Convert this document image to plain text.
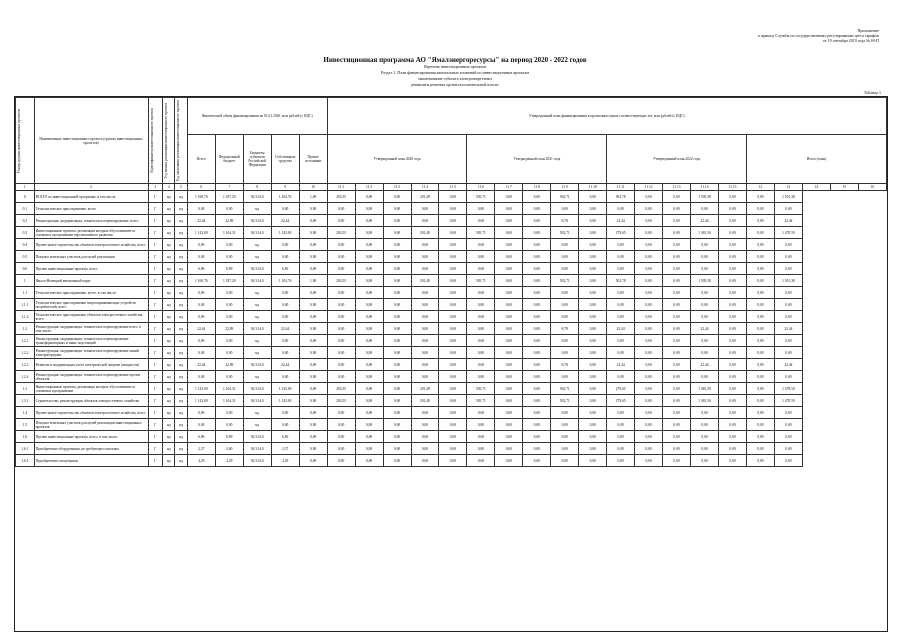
Приложение
к приказу Службы по государственному регулированию цен и тарифов
от 19 сентября 2019 года № 69-П
Инвестиционная программа АО "Ямалэнергоресурсы" на период 2020 - 2022 годов
Перечень инвестиционных проектов
Раздел 1. План финансирования капитальных вложений по инвестиционным проектам
наименование субъекта электроэнергетики
реквизиты решения органа исполнительной власти
Таблица 1
Номер группы инвестиционных проектов	Наименование инвестиционного проекта (группы инвестиционных проектов)	Идентификатор инвестиционного проекта	Год начала реализации инвестиционного проекта	Год окончания реализации инвестиционного проекта	Фактический объем финансирования на 01.01.2020, млн рублей (с НДС)					Утвержденный план финансирования в прогнозных ценах соответствующих лет, млн рублей (с НДС)																			
					Всего	Федеральный бюджет	Бюджеты субъектов Российской Федерации	Собственные средства	Прочие источники	Утвержденный план 2020 года					Утвержденный план 2021 года					Утвержденный план 2022 года					Итого (план)				
1	2	3	4	5	6	7	8	9	10	11.1	11.2	11.3	11.4	11.5	11.6	11.7	11.8	11.9	11.10	11.11	11.12	11.13	11.14	11.15	12	13	14	15	16
0	ВСЕГО по инвестиционной программе, в том числе:	Г	нд	нд	1 160,76	1 187,20	84 314,0	1 104,76	1,00	203,55	0,00	0,00	201,48	0,00	505,71	0,00	0,00	502,71	0,00	502,78	0,00	0,00	1 505,38	0,00	0,00	1 501,38			
0.1	Технологическое присоединение, всего	Г	нд	нд	0,00	0,00	нд	0,00	0,00	0,00	0,00	0,00	0,00	0,00	0,00	0,00	0,00	0,00	0,00	0,00	0,00	0,00	0,00	0,00	0,00	0,00			
0.2	Реконструкция, модернизация, техническое перевооружение, всего	Г	нд	нд	22,44	22,89	84 314,0	22,44	0,00	0,00	0,00	0,00	0,00	0,00	0,00	0,00	0,00	8,78	0,00	22,44	0,00	0,00	22,44	0,00	0,00	22,44			
0.3	Инвестиционные проекты, реализация которых обусловливается схемами и программами перспективного развития	Г	нд	нд	1 143,00	1 164,31	84 314,0	1 143,00	0,00	203,55	0,00	0,00	201,48	0,00	505,71	0,00	0,00	502,71	0,00	279,65	0,00	0,00	1 481,50	0,00	0,00	1 478,50			
0.4	Прочее новое строительство объектов электросетевого хозяйства, всего	Г	нд	нд	0,00	0,00	нд	0,00	0,00	0,00	0,00	0,00	0,00	0,00	0,00	0,00	0,00	0,00	0,00	0,00	0,00	0,00	0,00	0,00	0,00	0,00			
0.5	Покупка земельных участков для целей реализации	Г	нд	нд	0,00	0,00	нд	0,00	0,00	0,00	0,00	0,00	0,00	0,00	0,00	0,00	0,00	0,00	0,00	0,00	0,00	0,00	0,00	0,00	0,00	0,00			
0.6	Прочие инвестиционные проекты, всего	Г	нд	нд	6,86	6,89	84 314,0	6,86	0,00	0,00	0,00	0,00	0,00	0,00	0,00	0,00	0,00	0,00	0,00	0,00	0,00	0,00	0,00	0,00	0,00	0,00			
1	Ямало-Ненецкий автономный округ	Г	нд	нд	1 160,76	1 187,20	84 314,0	1 104,76	1,00	203,55	0,00	0,00	201,48	0,00	505,71	0,00	0,00	502,71	0,00	502,78	0,00	0,00	1 505,38	0,00	0,00	1 501,38			
1.1	Технологическое присоединение, всего, в том числе:	Г	нд	нд	0,00	0,00	нд	0,00	0,00	0,00	0,00	0,00	0,00	0,00	0,00	0,00	0,00	0,00	0,00	0,00	0,00	0,00	0,00	0,00	0,00	0,00			
1.1.1	Технологическое присоединение энергопринимающих устройств потребителей, всего	Г	нд	нд	0,00	0,00	нд	0,00	0,00	0,00	0,00	0,00	0,00	0,00	0,00	0,00	0,00	0,00	0,00	0,00	0,00	0,00	0,00	0,00	0,00	0,00			
1.1.2	Технологическое присоединение объектов электросетевого хозяйства, всего	Г	нд	нд	0,00	0,00	нд	0,00	0,00	0,00	0,00	0,00	0,00	0,00	0,00	0,00	0,00	0,00	0,00	0,00	0,00	0,00	0,00	0,00	0,00	0,00			
1.2	Реконструкция, модернизация, техническое перевооружение всего, в том числе:	Г	нд	нд	22,44	22,89	84 314,0	22,44	0,00	0,00	0,00	0,00	0,00	0,00	0,00	0,00	0,00	8,78	0,00	22,44	0,00	0,00	22,44	0,00	0,00	22,44			
1.2.1	Реконструкция, модернизация, техническое перевооружение трансформаторных и иных подстанций	Г	нд	нд	0,00	0,00	нд	0,00	0,00	0,00	0,00	0,00	0,00	0,00	0,00	0,00	0,00	0,00	0,00	0,00	0,00	0,00	0,00	0,00	0,00	0,00			
1.2.2	Реконструкция, модернизация, техническое перевооружение линий электропередачи	Г	нд	нд	0,00	0,00	нд	0,00	0,00	0,00	0,00	0,00	0,00	0,00	0,00	0,00	0,00	0,00	0,00	0,00	0,00	0,00	0,00	0,00	0,00	0,00			
1.2.3	Развитие и модернизация учета электрической энергии (мощности)	Г	нд	нд	22,44	22,89	84 314,0	22,44	0,00	0,00	0,00	0,00	0,00	0,00	0,00	0,00	0,00	8,78	0,00	22,44	0,00	0,00	22,44	0,00	0,00	22,44			
1.2.4	Реконструкция, модернизация, техническое перевооружение прочих объектов	Г	нд	нд	0,00	0,00	нд	0,00	0,00	0,00	0,00	0,00	0,00	0,00	0,00	0,00	0,00	0,00	0,00	0,00	0,00	0,00	0,00	0,00	0,00	0,00			
1.3	Инвестиционные проекты, реализация которых обусловливается схемами и программами	Г	нд	нд	1 143,00	1 164,31	84 314,0	1 143,00	0,00	203,55	0,00	0,00	201,48	0,00	505,71	0,00	0,00	502,71	0,00	279,65	0,00	0,00	1 481,50	0,00	0,00	1 478,50			
1.3.1	Строительство, реконструкция объектов электросетевого хозяйства	Г	нд	нд	1 143,00	1 164,31	84 314,0	1 143,00	0,00	203,55	0,00	0,00	201,48	0,00	505,71	0,00	0,00	502,71	0,00	279,65	0,00	0,00	1 481,50	0,00	0,00	1 478,50			
1.4	Прочее новое строительство объектов электросетевого хозяйства, всего	Г	нд	нд	0,00	0,00	нд	0,00	0,00	0,00	0,00	0,00	0,00	0,00	0,00	0,00	0,00	0,00	0,00	0,00	0,00	0,00	0,00	0,00	0,00	0,00			
1.5	Покупка земельных участков для целей реализации инвестиционных проектов	Г	нд	нд	0,00	0,00	нд	0,00	0,00	0,00	0,00	0,00	0,00	0,00	0,00	0,00	0,00	0,00	0,00	0,00	0,00	0,00	0,00	0,00	0,00	0,00			
1.6	Прочие инвестиционные проекты, всего, в том числе:	Г	нд	нд	6,86	6,89	84 314,0	6,86	0,00	0,00	0,00	0,00	0,00	0,00	0,00	0,00	0,00	0,00	0,00	0,00	0,00	0,00	0,00	0,00	0,00	0,00			
1.6.1	Приобретение оборудования, не требующего монтажа	Г	нд	нд	2,57	2,60	84 314,0	2,57	0,00	0,00	0,00	0,00	0,00	0,00	0,00	0,00	0,00	0,00	0,00	0,00	0,00	0,00	0,00	0,00	0,00	0,00			
1.6.2	Приобретение спецтехники	Г	нд	нд	4,29	4,29	84 314,0	4,29	0,00	0,00	0,00	0,00	0,00	0,00	0,00	0,00	0,00	0,00	0,00	0,00	0,00	0,00	0,00	0,00	0,00	0,00			
